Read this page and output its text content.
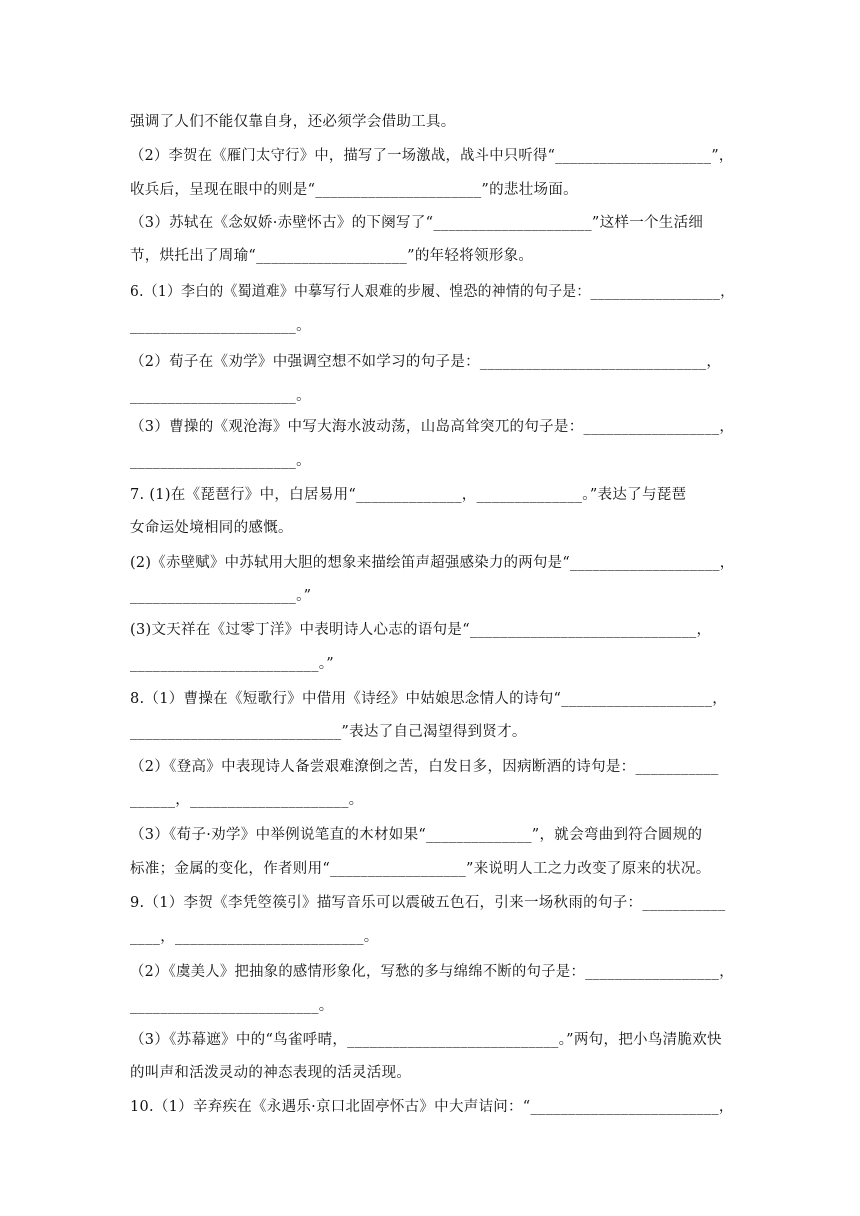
强调了人们不能仅靠自身，还必须学会借助工具。
（2）李贺在《雁门太守行》中，描写了一场激战，战斗中只听得“_____________________”，
收兵后，呈现在眼中的则是“______________________”的悲壮场面。
（3）苏轼在《念奴娇·赤壁怀古》的下阕写了“_____________________”这样一个生活细
节，烘托出了周瑜“____________________”的年轻将领形象。
6.（1）李白的《蜀道难》中摹写行人艰难的步履、惶恐的神情的句子是：__________________，
______________________。
（2）荀子在《劝学》中强调空想不如学习的句子是：______________________________，
______________________。
（3）曹操的《观沧海》中写大海水波动荡，山岛高耸突兀的句子是：__________________，
______________________。
7. (1)在《琵琶行》中，白居易用“______________，______________。”表达了与琵琶
女命运处境相同的感慨。
(2)《赤壁赋》中苏轼用大胆的想象来描绘笛声超强感染力的两句是“____________________，
______________________。”
(3)文天祥在《过零丁洋》中表明诗人心志的语句是“______________________________，
_________________________。”
8.（1）曹操在《短歌行》中借用《诗经》中姑娘思念情人的诗句“____________________，
____________________________”表达了自己渴望得到贤才。
（2）《登高》中表现诗人备尝艰难潦倒之苦，白发日多，因病断酒的诗句是：___________
______，_____________________。
（3）《荀子·劝学》中举例说笔直的木材如果“______________”，就会弯曲到符合圆规的
标准；金属的变化，作者则用“__________________”来说明人工之力改变了原来的状况。
9.（1）李贺《李凭箜篌引》描写音乐可以震破五色石，引来一场秋雨的句子：___________
____，_________________________。
（2）《虞美人》把抽象的感情形象化，写愁的多与绵绵不断的句子是：__________________，
_________________________。
（3）《苏幕遮》中的“鸟雀呼晴，____________________________。”两句，把小鸟清脆欢快
的叫声和活泼灵动的神态表现的活灵活现。
10.（1）辛弃疾在《永遇乐·京口北固亭怀古》中大声诘问：“_________________________，
